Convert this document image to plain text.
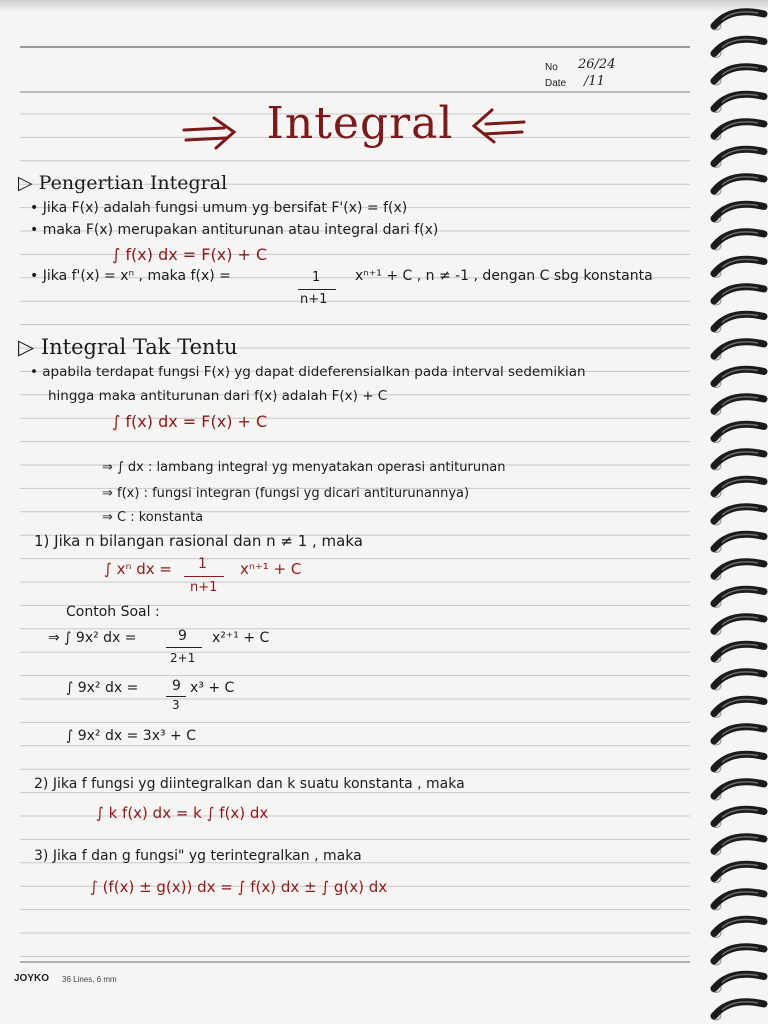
No 26/24
Date /11
Integral
▷ Pengertian Integral
• Jika F(x) adalah fungsi umum yg bersifat F'(x) = f(x)
• maka F(x) merupakan antiturunan atau integral dari f(x)
∫ f(x) dx = F(x) + C
• Jika f'(x) = xⁿ , maka f(x) =	1
n+1
xⁿ⁺¹ + C , n ≠ -1 , dengan C sbg konstanta
▷ Integral Tak Tentu
• apabila terdapat fungsi F(x) yg dapat dideferensialkan pada interval sedemikian
hingga maka antiturunan dari f(x) adalah F(x) + C
∫ f(x) dx = F(x) + C
⇒ ∫ dx : lambang integral yg menyatakan operasi antiturunan
⇒ f(x) : fungsi integran (fungsi yg dicari antiturunannya)
⇒ C : konstanta
1) Jika n bilangan rasional dan n ≠ 1 , maka
∫ xⁿ dx = 1
n+1
xⁿ⁺¹ + C
Contoh Soal :
⇒ ∫ 9x² dx =	9
2+1
x²⁺¹ + C
∫ 9x² dx = 9
3
x³ + C
∫ 9x² dx = 3x³ + C
2) Jika f fungsi yg diintegralkan dan k suatu konstanta , maka
∫ k f(x) dx = k ∫ f(x) dx
3) Jika f dan g fungsi" yg terintegralkan , maka
∫ (f(x) ± g(x)) dx = ∫ f(x) dx ± ∫ g(x) dx
JOYKO 36 Lines, 6 mm
